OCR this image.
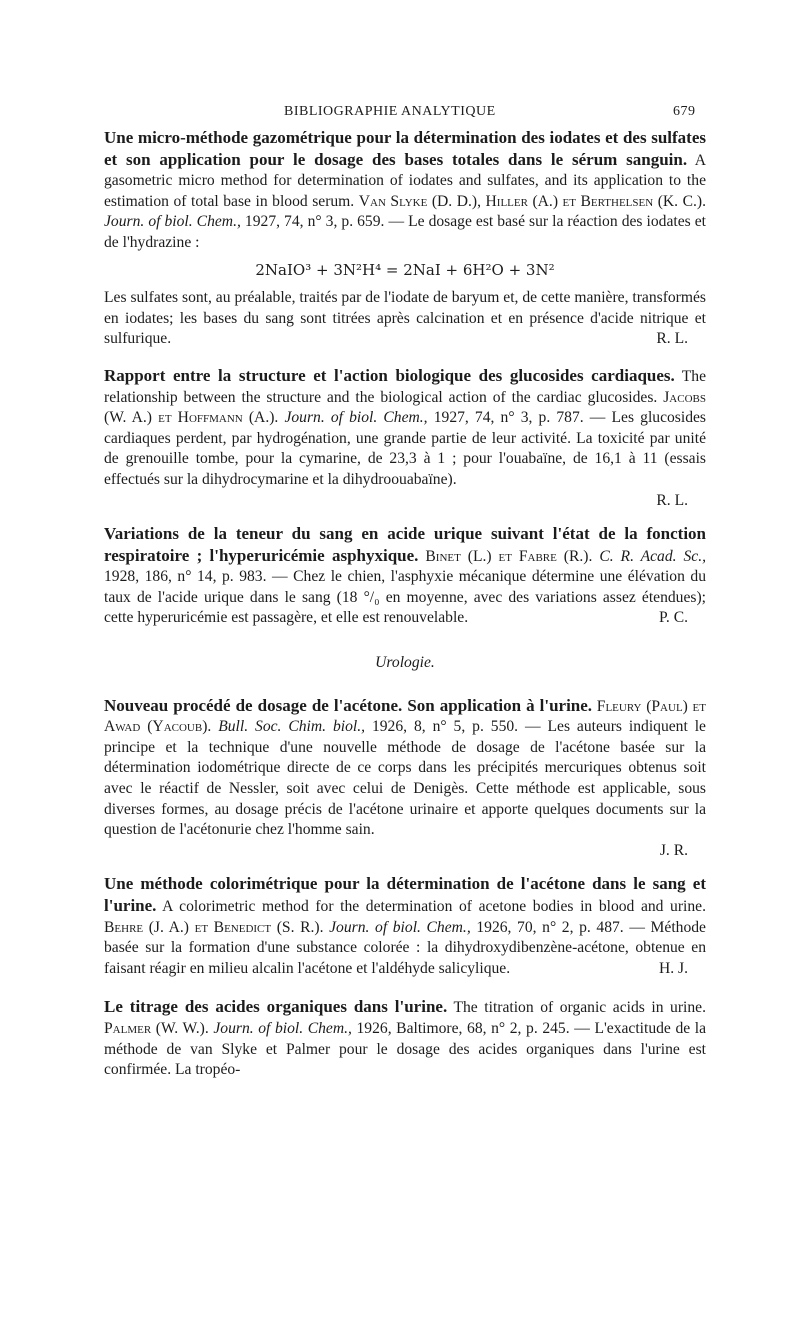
BIBLIOGRAPHIE ANALYTIQUE	679

Une micro-méthode gazométrique pour la détermination des iodates et des sulfates et son application pour le dosage des bases totales dans le sérum sanguin. A gasometric micro method for determination of iodates and sulfates, and its application to the estimation of total base in blood serum. Van Slyke (D. D.), Hiller (A.) et Berthelsen (K. C.). Journ. of biol. Chem., 1927, 74, n° 3, p. 659. — Le dosage est basé sur la réaction des iodates et de l'hydrazine :

2NaIO³ + 3N²H⁴ = 2NaI + 6H²O + 3N²

Les sulfates sont, au préalable, traités par de l'iodate de baryum et, de cette manière, transformés en iodates; les bases du sang sont titrées après calcination et en présence d'acide nitrique et sulfurique.	R. L.

Rapport entre la structure et l'action biologique des glucosides cardiaques. The relationship between the structure and the biological action of the cardiac glucosides. Jacobs (W. A.) et Hoffmann (A.). Journ. of biol. Chem., 1927, 74, n° 3, p. 787. — Les glucosides cardiaques perdent, par hydrogénation, une grande partie de leur activité. La toxicité par unité de grenouille tombe, pour la cymarine, de 23,3 à 1 ; pour l'ouabaïne, de 16,1 à 11 (essais effectués sur la dihydrocymarine et la dihydroouabaïne).
R. L.

Variations de la teneur du sang en acide urique suivant l'état de la fonction respiratoire ; l'hyperuricémie asphyxique. Binet (L.) et Fabre (R.). C. R. Acad. Sc., 1928, 186, n° 14, p. 983. — Chez le chien, l'asphyxie mécanique détermine une élévation du taux de l'acide urique dans le sang (18 °/₀ en moyenne, avec des variations assez étendues); cette hyperuricémie est passagère, et elle est renouvelable.	P. C.

Urologie.

Nouveau procédé de dosage de l'acétone. Son application à l'urine. Fleury (Paul) et Awad (Yacoub). Bull. Soc. Chim. biol., 1926, 8, n° 5, p. 550. — Les auteurs indiquent le principe et la technique d'une nouvelle méthode de dosage de l'acétone basée sur la détermination iodométrique directe de ce corps dans les précipités mercuriques obtenus soit avec le réactif de Nessler, soit avec celui de Denigès. Cette méthode est applicable, sous diverses formes, au dosage précis de l'acétone urinaire et apporte quelques documents sur la question de l'acétonurie chez l'homme sain.
J. R.

Une méthode colorimétrique pour la détermination de l'acétone dans le sang et l'urine. A colorimetric method for the determination of acetone bodies in blood and urine. Behre (J. A.) et Benedict (S. R.). Journ. of biol. Chem., 1926, 70, n° 2, p. 487. — Méthode basée sur la formation d'une substance colorée : la dihydroxydibenzène-acétone, obtenue en faisant réagir en milieu alcalin l'acétone et l'aldéhyde salicylique.	H. J.

Le titrage des acides organiques dans l'urine. The titration of organic acids in urine. Palmer (W. W.). Journ. of biol. Chem., 1926, Baltimore, 68, n° 2, p. 245. — L'exactitude de la méthode de van Slyke et Palmer pour le dosage des acides organiques dans l'urine est confirmée. La tropéo-
